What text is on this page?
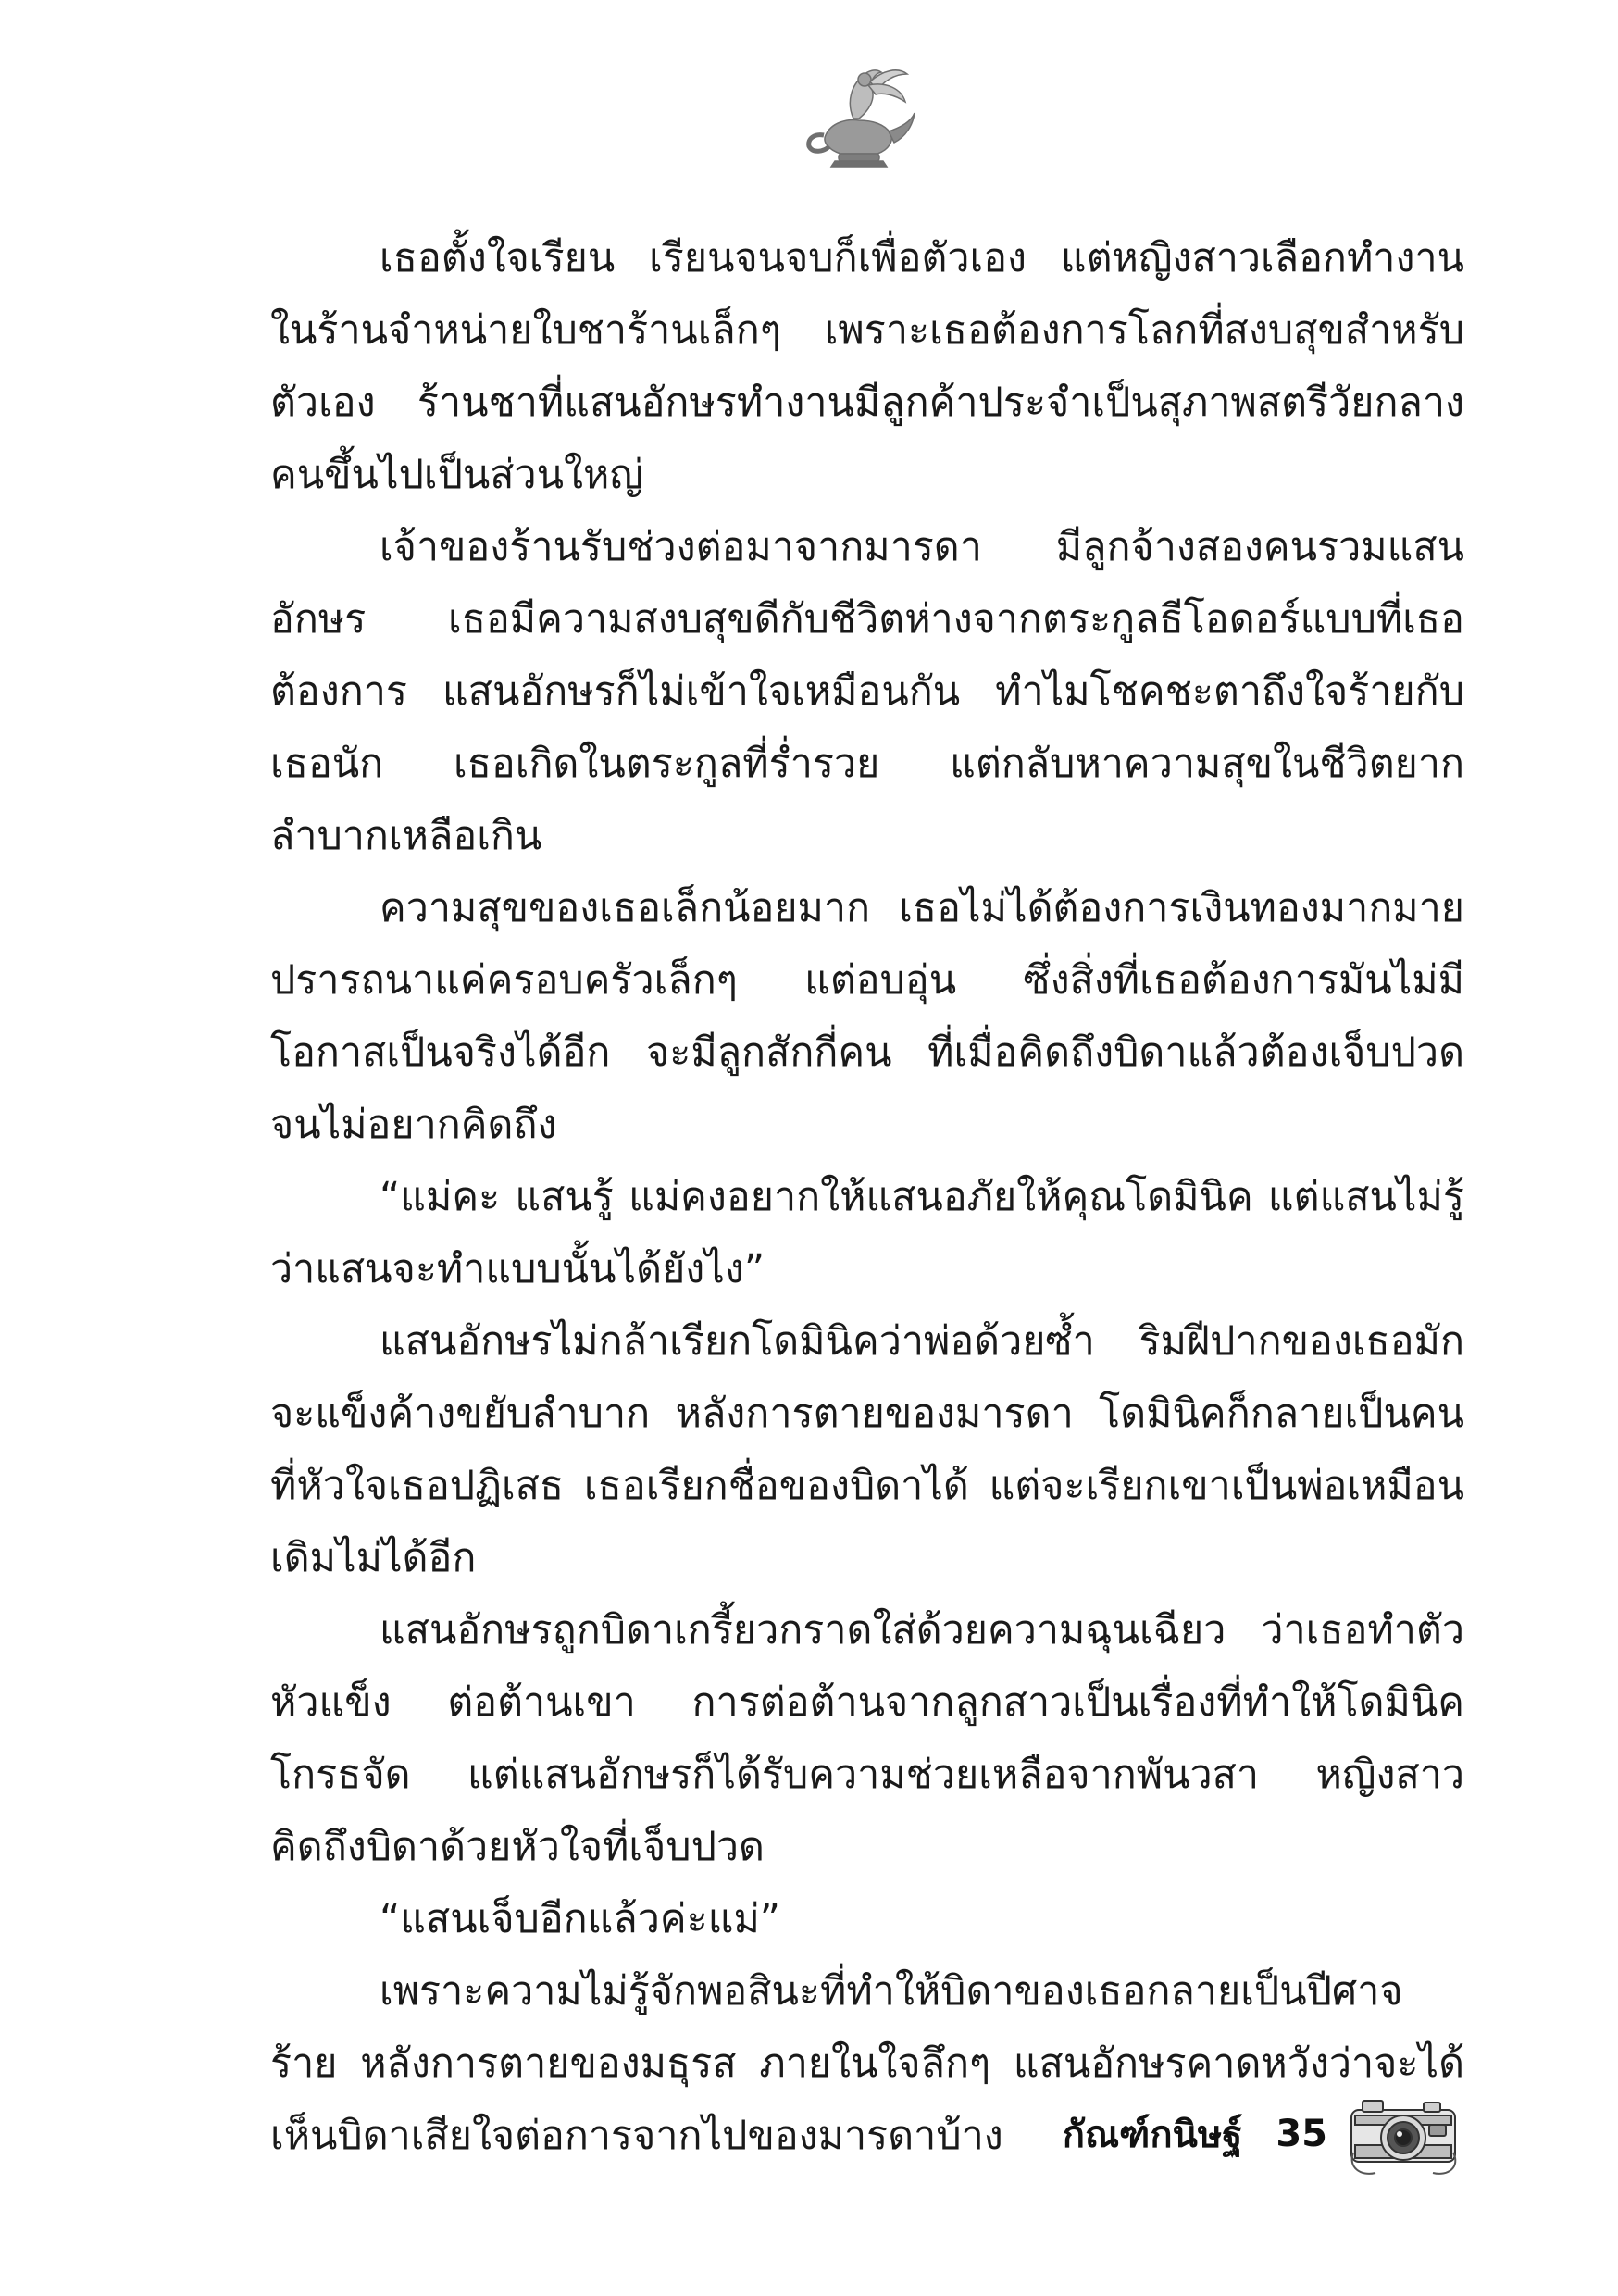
เธอตั้งใจเรียน เรียนจนจบก็เพื่อตัวเอง แต่หญิงสาวเลือกทำงานในร้านจำหน่ายใบชาร้านเล็กๆ เพราะเธอต้องการโลกที่สงบสุขสำหรับตัวเอง ร้านชาที่แสนอักษรทำงานมีลูกค้าประจำเป็นสุภาพสตรีวัยกลางคนขึ้นไปเป็นส่วนใหญ่

เจ้าของร้านรับช่วงต่อมาจากมารดา มีลูกจ้างสองคนรวมแสนอักษร เธอมีความสงบสุขดีกับชีวิตห่างจากตระกูลธีโอดอร์แบบที่เธอต้องการ แสนอักษรก็ไม่เข้าใจเหมือนกัน ทำไมโชคชะตาถึงใจร้ายกับเธอนัก เธอเกิดในตระกูลที่ร่ำรวย แต่กลับหาความสุขในชีวิตยากลำบากเหลือเกิน

ความสุขของเธอเล็กน้อยมาก เธอไม่ได้ต้องการเงินทองมากมาย ปรารถนาแค่ครอบครัวเล็กๆ แต่อบอุ่น ซึ่งสิ่งที่เธอต้องการมันไม่มีโอกาสเป็นจริงได้อีก จะมีลูกสักกี่คน ที่เมื่อคิดถึงบิดาแล้วต้องเจ็บปวดจนไม่อยากคิดถึง

“แม่คะ แสนรู้ แม่คงอยากให้แสนอภัยให้คุณโดมินิค แต่แสนไม่รู้ว่าแสนจะทำแบบนั้นได้ยังไง”

แสนอักษรไม่กล้าเรียกโดมินิคว่าพ่อด้วยซ้ำ ริมฝีปากของเธอมักจะแข็งค้างขยับลำบาก หลังการตายของมารดา โดมินิคก็กลายเป็นคนที่หัวใจเธอปฏิเสธ เธอเรียกชื่อของบิดาได้ แต่จะเรียกเขาเป็นพ่อเหมือนเดิมไม่ได้อีก

แสนอักษรถูกบิดาเกรี้ยวกราดใส่ด้วยความฉุนเฉียว ว่าเธอทำตัวหัวแข็ง ต่อต้านเขา การต่อต้านจากลูกสาวเป็นเรื่องที่ทำให้โดมินิคโกรธจัด แต่แสนอักษรก็ได้รับความช่วยเหลือจากพันวสา หญิงสาวคิดถึงบิดาด้วยหัวใจที่เจ็บปวด

“แสนเจ็บอีกแล้วค่ะแม่”

เพราะความไม่รู้จักพอสินะที่ทำให้บิดาของเธอกลายเป็นปีศาจร้าย หลังการตายของมธุรส ภายในใจลึกๆ แสนอักษรคาดหวังว่าจะได้เห็นบิดาเสียใจต่อการจากไปของมารดาบ้าง	กัณฑ์กนิษฐ์ 35
